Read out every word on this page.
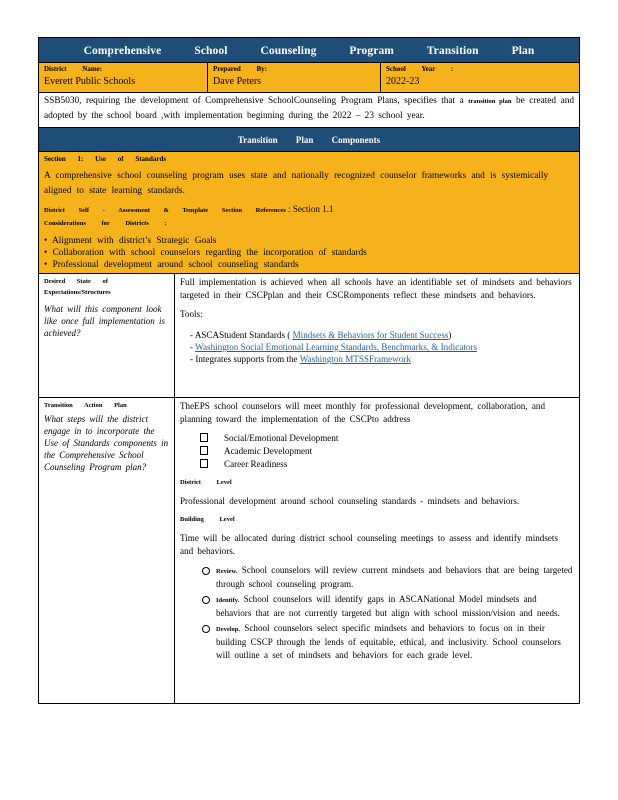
Comprehensive School Counseling Program Transition Plan
District Name:
Everett Public Schools
Prepared By:
Dave Peters
School Year :
2022-23
SSB5030, requiring the development of Comprehensive SchoolCounseling Program Plans, specifies that a transition plan be created and adopted by the school board ,with implementation beginning during the 2022 – 23 school year.
Transition Plan Components
Section 1: Use of Standards
A comprehensive school counseling program uses state and nationally recognized counselor frameworks and is systemically aligned to state learning standards.
District Self - Assessment & Template Section References : Section 1.1
Considerations for Districts :
• Alignment with district’s Strategic Goals
• Collaboration with school counselors regarding the incorporation of standards
• Professional development around school counseling standards
Desired State of Expectations/Structures
What will this component look like once full implementation is achieved?

Full implementation is achieved when all schools have an identifiable set of mindsets and behaviors targeted in their CSCPplan and their CSCRomponents reflect these mindsets and behaviors.

Tools:

- ASCAStudent Standards ( Mindsets & Behaviors for Student Success)
- Washington Social Emotional Learning Standards, Benchmarks, & Indicators
- Integrates supports from the Washington MTSSFramework
Transition Action Plan
What steps will the district engage in to incorporate the Use of Standards components in the Comprehensive School Counseling Program plan?

TheEPS school counselors will meet monthly for professional development, collaboration, and planning toward the implementation of the CSCPto address

Social/Emotional Development
Academic Development
Career Readiness
District Level

Professional development around school counseling standards - mindsets and behaviors.

Building Level

Time will be allocated during district school counseling meetings to assess and identify mindsets and behaviors.

Review. School counselors will review current mindsets and behaviors that are being targeted through school counseling program.
Identify. School counselors will identify gaps in ASCANational Model mindsets and behaviors that are not currently targeted but align with school mission/vision and needs.
Develop. School counselors select specific mindsets and behaviors to focus on in their building CSCP through the lends of equitable, ethical, and inclusivity. School counselors will outline a set of mindsets and behaviors for each grade level.
